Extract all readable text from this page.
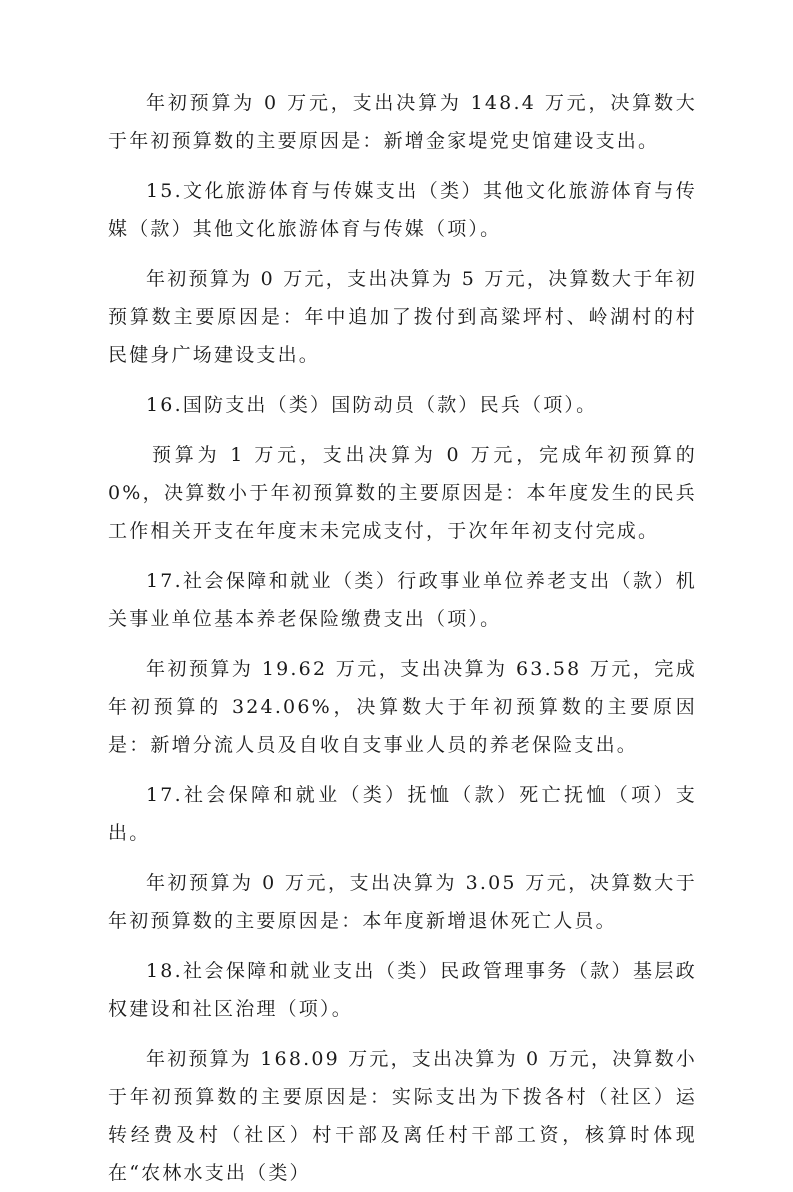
年初预算为 0 万元，支出决算为 148.4 万元，决算数大于年初预算数的主要原因是：新增金家堤党史馆建设支出。

15.文化旅游体育与传媒支出（类）其他文化旅游体育与传媒（款）其他文化旅游体育与传媒（项）。

年初预算为 0 万元，支出决算为 5 万元，决算数大于年初预算数主要原因是：年中追加了拨付到高粱坪村、岭湖村的村民健身广场建设支出。

16.国防支出（类）国防动员（款）民兵（项）。

预算为 1 万元，支出决算为 0 万元，完成年初预算的 0%，决算数小于年初预算数的主要原因是：本年度发生的民兵工作相关开支在年度末未完成支付，于次年年初支付完成。

17.社会保障和就业（类）行政事业单位养老支出（款）机关事业单位基本养老保险缴费支出（项）。

年初预算为 19.62 万元，支出决算为 63.58 万元，完成年初预算的 324.06%，决算数大于年初预算数的主要原因是：新增分流人员及自收自支事业人员的养老保险支出。

17.社会保障和就业（类）抚恤（款）死亡抚恤（项）支出。

年初预算为 0 万元，支出决算为 3.05 万元，决算数大于年初预算数的主要原因是：本年度新增退休死亡人员。

18.社会保障和就业支出（类）民政管理事务（款）基层政权建设和社区治理（项）。

年初预算为 168.09 万元，支出决算为 0 万元，决算数小于年初预算数的主要原因是：实际支出为下拨各村（社区）运转经费及村（社区）村干部及离任村干部工资，核算时体现在“农林水支出（类）
